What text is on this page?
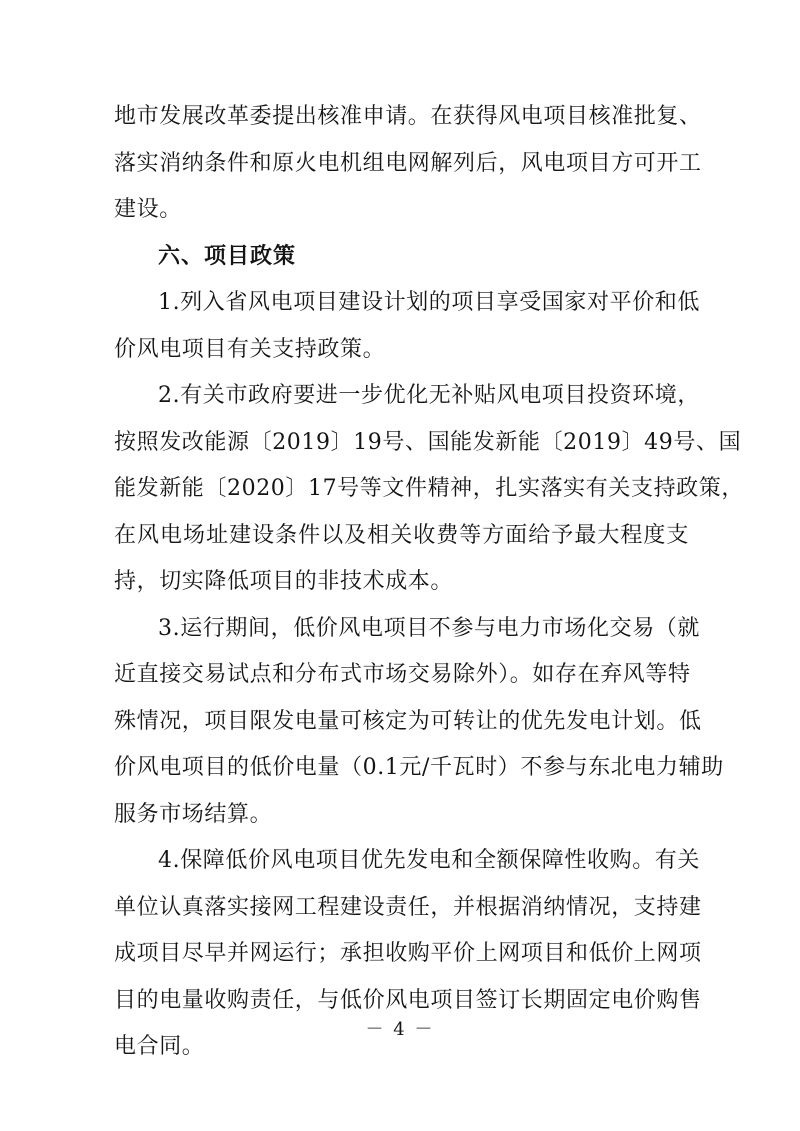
地市发展改革委提出核准申请。在获得风电项目核准批复、
落实消纳条件和原火电机组电网解列后，风电项目方可开工
建设。
六、项目政策
1.列入省风电项目建设计划的项目享受国家对平价和低
价风电项目有关支持政策。
2.有关市政府要进一步优化无补贴风电项目投资环境，
按照发改能源〔2019〕19号、国能发新能〔2019〕49号、国
能发新能〔2020〕17号等文件精神，扎实落实有关支持政策，
在风电场址建设条件以及相关收费等方面给予最大程度支
持，切实降低项目的非技术成本。
3.运行期间，低价风电项目不参与电力市场化交易（就
近直接交易试点和分布式市场交易除外）。如存在弃风等特
殊情况，项目限发电量可核定为可转让的优先发电计划。低
价风电项目的低价电量（0.1元/千瓦时）不参与东北电力辅助
服务市场结算。
4.保障低价风电项目优先发电和全额保障性收购。有关
单位认真落实接网工程建设责任，并根据消纳情况，支持建
成项目尽早并网运行；承担收购平价上网项目和低价上网项
目的电量收购责任，与低价风电项目签订长期固定电价购售
电合同。
－ 4 －
